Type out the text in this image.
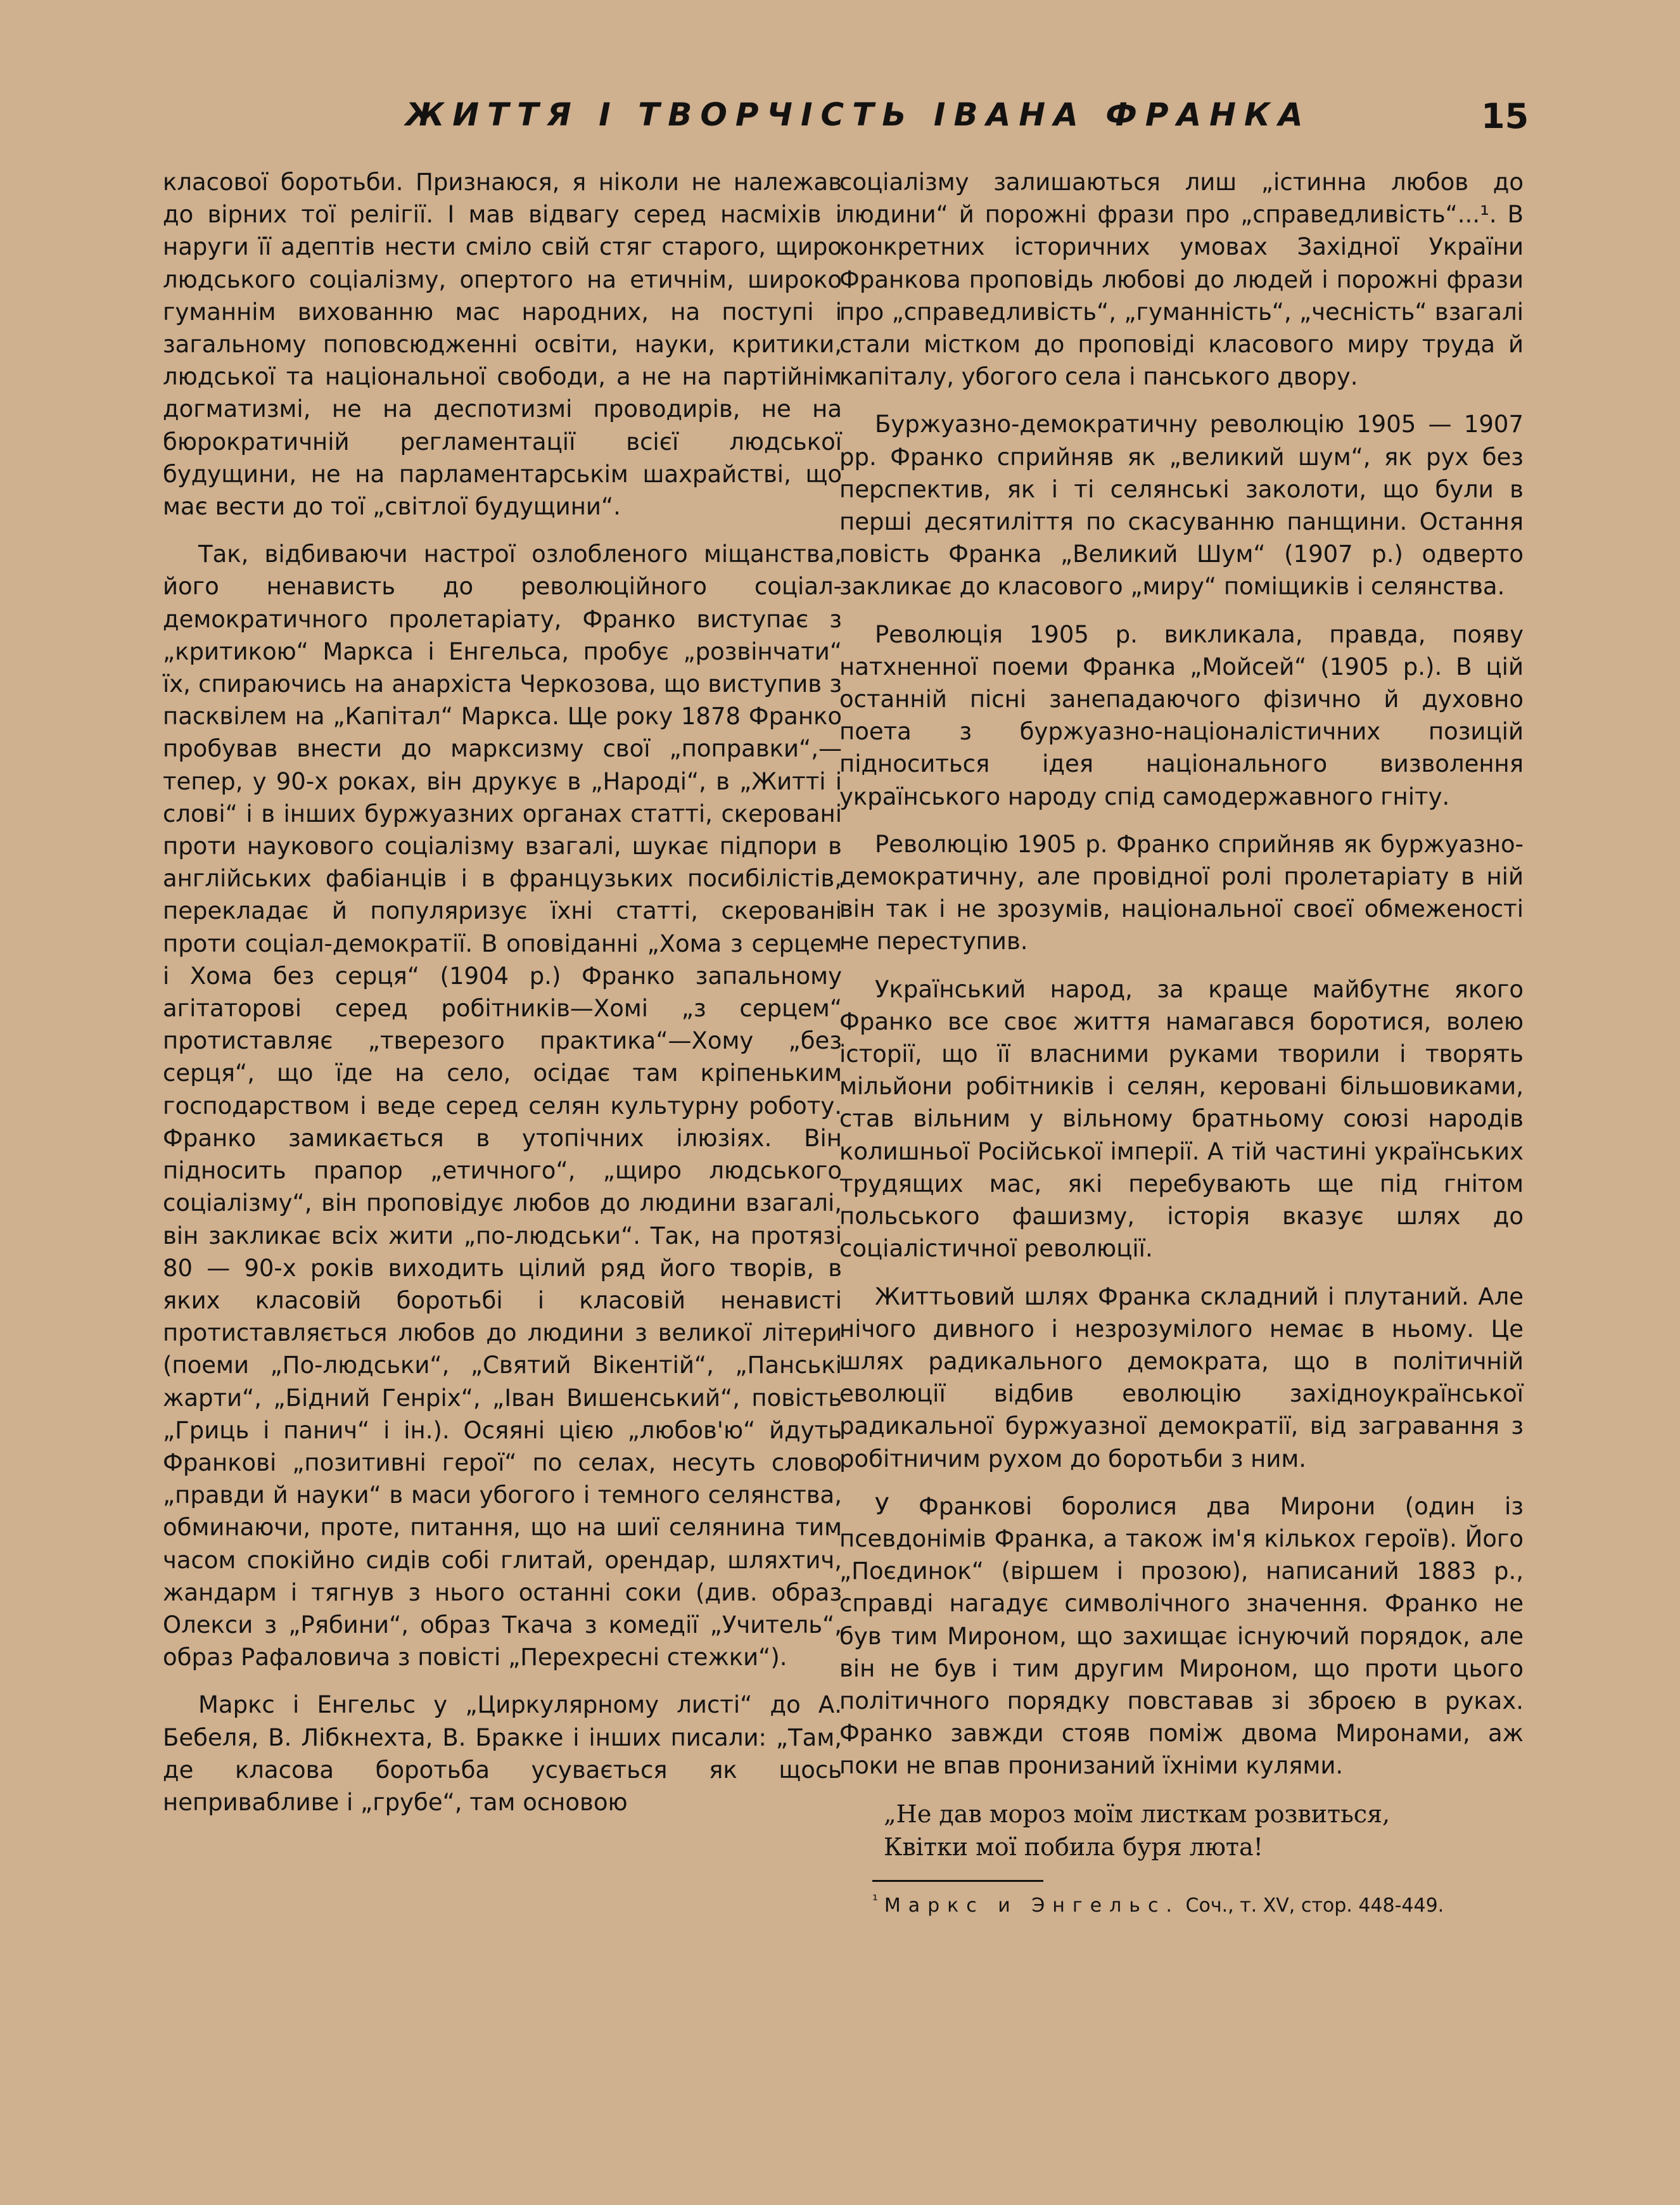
ЖИТТЯ І ТВОРЧІСТЬ ІВАНА ФРАНКА	15

класової боротьби. Признаюся, я ніколи не належав до вірних тої релігії. І мав відвагу серед насміхів і наруги її адептів нести сміло свій стяг старого, щиро людського соціалізму, опертого на етичнім, широко гуманнім вихованню мас народних, на поступі і загальному поповсюдженні освіти, науки, критики, людської та національної свободи, а не на партійнім догматизмі, не на деспотизмі проводирів, не на бюрократичній регламентації всієї людської будущини, не на парламентарськім шахрайстві, що має вести до тої „світлої будущини“.

Так, відбиваючи настрої озлобленого міщанства, його ненависть до революційного соціал-демократичного пролетаріату, Франко виступає з „критикою“ Маркса і Енгельса, пробує „розвінчати“ їх, спираючись на анархіста Черкозова, що виступив з пасквілем на „Капітал“ Маркса. Ще року 1878 Франко пробував внести до марксизму свої „поправки“,— тепер, у 90-х роках, він друкує в „Народі“, в „Житті і слові“ і в інших буржуазних органах статті, скеровані проти наукового соціалізму взагалі, шукає підпори в англійських фабіанців і в французьких посибілістів, перекладає й популяризує їхні статті, скеровані проти соціал-демократії. В оповіданні „Хома з серцем і Хома без серця“ (1904 р.) Франко запальному агітаторові серед робітників—Хомі „з серцем“ протиставляє „тверезого практика“—Хому „без серця“, що їде на село, осідає там кріпеньким господарством і веде серед селян культурну роботу. Франко замикається в утопічних ілюзіях. Він підносить прапор „етичного“, „щиро людського соціалізму“, він проповідує любов до людини взагалі, він закликає всіх жити „по-людськи“. Так, на протязі 80 — 90-х років виходить цілий ряд його творів, в яких класовій боротьбі і класовій ненависті протиставляється любов до людини з великої літери (поеми „По-людськи“, „Святий Вікентій“, „Панські жарти“, „Бідний Генріх“, „Іван Вишенський“, повість „Гриць і панич“ і ін.). Осяяні цією „любов'ю“ йдуть Франкові „позитивні герої“ по селах, несуть слово „правди й науки“ в маси убогого і темного селянства, обминаючи, проте, питання, що на шиї селянина тим часом спокійно сидів собі глитай, орендар, шляхтич, жандарм і тягнув з нього останні соки (див. образ Олекси з „Рябини“, образ Ткача з комедії „Учитель“, образ Рафаловича з повісті „Перехресні стежки“).

Маркс і Енгельс у „Циркулярному листі“ до А. Бебеля, В. Лібкнехта, В. Бракке і інших писали: „Там, де класова боротьба усувається як щось непривабливе і „грубе“, там основою

соціалізму залишаються лиш „істинна любов до людини“ й порожні фрази про „справедливість“...¹. В конкретних історичних умовах Західної України Франкова проповідь любові до людей і порожні фрази про „справедливість“, „гуманність“, „чесність“ взагалі стали містком до проповіді класового миру труда й капіталу, убогого села і панського двору.

Буржуазно-демократичну революцію 1905 — 1907 рр. Франко сприйняв як „великий шум“, як рух без перспектив, як і ті селянські заколоти, що були в перші десятиліття по скасуванню панщини. Остання повість Франка „Великий Шум“ (1907 р.) одверто закликає до класового „миру“ поміщиків і селянства.

Революція 1905 р. викликала, правда, появу натхненної поеми Франка „Мойсей“ (1905 р.). В цій останній пісні занепадаючого фізично й духовно поета з буржуазно-націоналістичних позицій підноситься ідея національного визволення українського народу спід самодержавного гніту.

Революцію 1905 р. Франко сприйняв як буржуазно-демократичну, але провідної ролі пролетаріату в ній він так і не зрозумів, національної своєї обмеженості не переступив.

Український народ, за краще майбутнє якого Франко все своє життя намагався боротися, волею історії, що її власними руками творили і творять мільйони робітників і селян, керовані більшовиками, став вільним у вільному братньому союзі народів колишньої Російської імперії. А тій частині українських трудящих мас, які перебувають ще під гнітом польського фашизму, історія вказує шлях до соціалістичної революції.

Життьовий шлях Франка складний і плутаний. Але нічого дивного і незрозумілого немає в ньому. Це шлях радикального демократа, що в політичній еволюції відбив еволюцію західноукраїнської радикальної буржуазної демократії, від загравання з робітничим рухом до боротьби з ним.

У Франкові боролися два Мирони (один із псевдонімів Франка, а також ім'я кількох героїв). Його „Поєдинок“ (віршем і прозою), написаний 1883 р., справді нагадує символічного значення. Франко не був тим Мироном, що захищає існуючий порядок, але він не був і тим другим Мироном, що проти цього політичного порядку повставав зі зброєю в руках. Франко завжди стояв поміж двома Миронами, аж поки не впав пронизаний їхніми кулями.

„Не дав мороз моїм листкам розвиться,
Квітки мої побила буря люта!
$^{^1}$ Маркс и Энгельс. Соч., т. XV, стор. 448-449.
